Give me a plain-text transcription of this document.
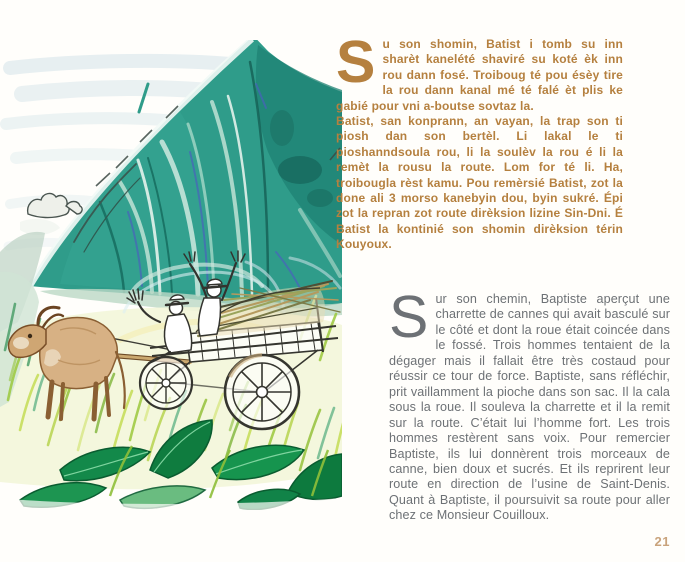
Su son shomin, Batist i tomb su inn sharèt kanelété shaviré su koté èk inn rou dann fosé. Troiboug té pou ésèy tire la rou dann kanal mé té falé èt plis ke gabié pour vni a-boutse sovtaz la.

Batist, san konprann, an vayan, la trap son ti piosh dan son bertèl. Li lakal le ti pioshanndsoula rou, li la soulèv la rou é li la remèt la rousu la route. Lom for té li. Ha, troibougla rèst kamu. Pou remèrsié Batist, zot la done ali 3 morso kanebyin dou, byin sukré. Épi zot la repran zot route dirèksion lizine Sin-Dni. É Batist la kontinié son shomin dirèksion térin Kouyoux.

Sur son chemin, Baptiste aperçut une charrette de cannes qui avait basculé sur le côté et dont la roue était coincée dans le fossé. Trois hommes tentaient de la dégager mais il fallait être très costaud pour réussir ce tour de force. Baptiste, sans réfléchir, prit vaillamment la pioche dans son sac. Il la cala sous la roue. Il souleva la charrette et il la remit sur la route. C’était lui l’homme fort. Les trois hommes restèrent sans voix. Pour remercier Baptiste, ils lui donnèrent trois morceaux de canne, bien doux et sucrés. Et ils reprirent leur route en direction de l’usine de Saint-Denis. Quant à Baptiste, il poursuivit sa route pour aller chez ce Monsieur Couilloux.

21
